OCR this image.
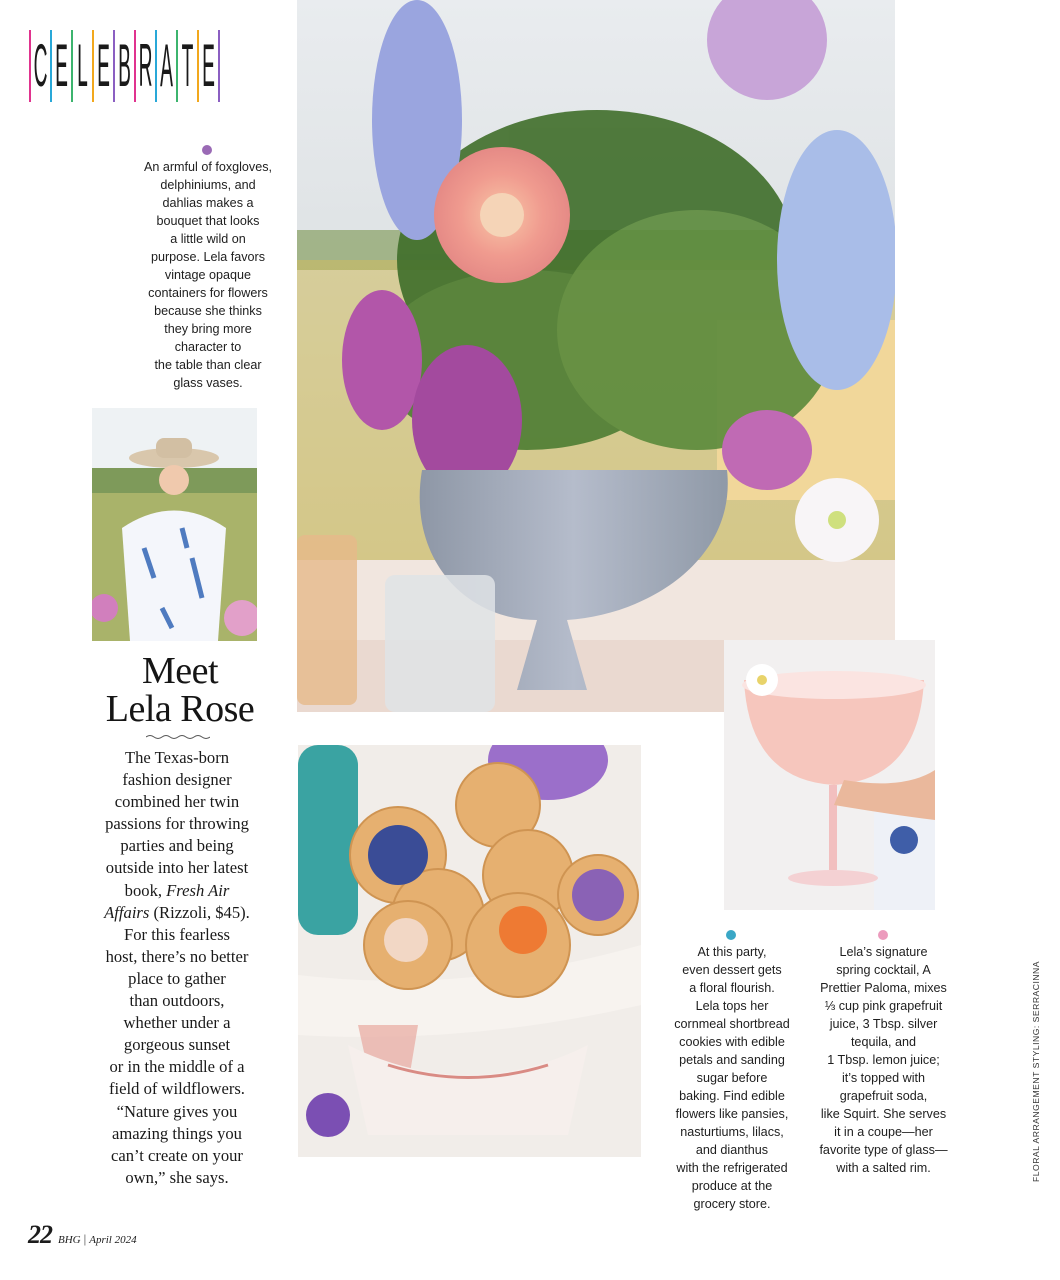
C E L E B R A T E
An armful of foxgloves,
delphiniums, and
dahlias makes a
bouquet that looks
a little wild on
purpose. Lela favors
vintage opaque
containers for flowers
because she thinks
they bring more
character to
the table than clear
glass vases.
Meet
Lela Rose
The Texas-born
fashion designer
combined her twin
passions for throwing
parties and being
outside into her latest
book, Fresh Air
Affairs (Rizzoli, $45).
For this fearless
host, there’s no better
place to gather
than outdoors,
whether under a
gorgeous sunset
or in the middle of a
field of wildflowers.
“Nature gives you
amazing things you
can’t create on your
own,” she says.
At this party,
even dessert gets
a floral flourish.
Lela tops her
cornmeal shortbread
cookies with edible
petals and sanding
sugar before
baking. Find edible
flowers like pansies,
nasturtiums, lilacs,
and dianthus
with the refrigerated
produce at the
grocery store.
Lela’s signature
spring cocktail, A
Prettier Paloma, mixes
⅓ cup pink grapefruit
juice, 3 Tbsp. silver
tequila, and
1 Tbsp. lemon juice;
it’s topped with
grapefruit soda,
like Squirt. She serves
it in a coupe—her
favorite type of glass—
with a salted rim.
22 BHG | April 2024
FLORAL ARRANGEMENT STYLING: SERRACINNA
